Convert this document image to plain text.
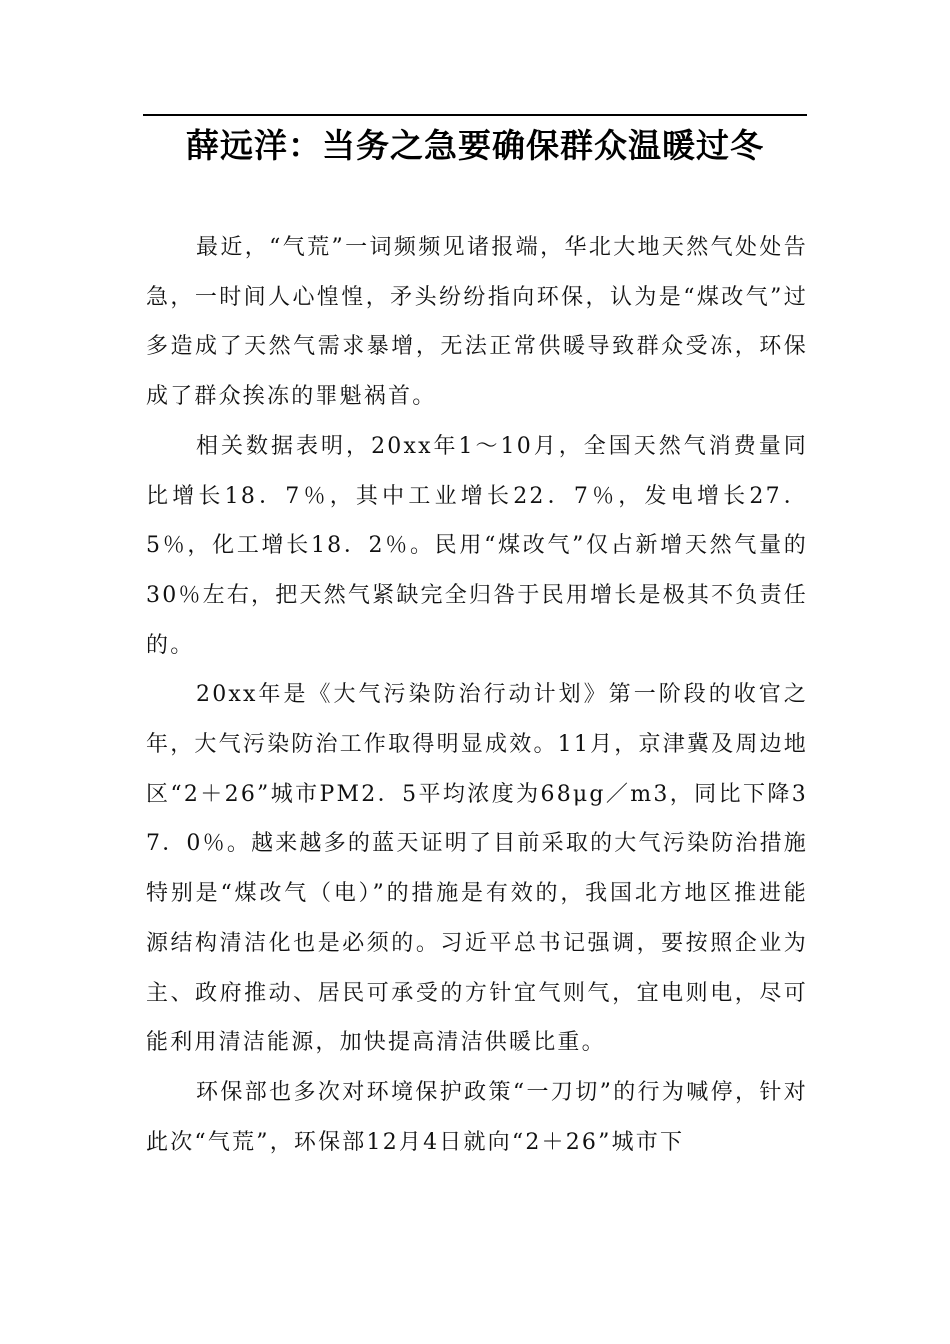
薛远洋：当务之急要确保群众温暖过冬

最近，“气荒”一词频频见诸报端，华北大地天然气处处告急，一时间人心惶惶，矛头纷纷指向环保，认为是“煤改气”过多造成了天然气需求暴增，无法正常供暖导致群众受冻，环保成了群众挨冻的罪魁祸首。

相关数据表明，20xx年1～10月，全国天然气消费量同比增长18．7％，其中工业增长22．7％，发电增长27．5％，化工增长18．2％。民用“煤改气”仅占新增天然气量的30％左右，把天然气紧缺完全归咎于民用增长是极其不负责任的。

20xx年是《大气污染防治行动计划》第一阶段的收官之年，大气污染防治工作取得明显成效。11月，京津冀及周边地区“2＋26”城市PM2．5平均浓度为68μg／m3，同比下降37．0％。越来越多的蓝天证明了目前采取的大气污染防治措施特别是“煤改气（电）”的措施是有效的，我国北方地区推进能源结构清洁化也是必须的。习近平总书记强调，要按照企业为主、政府推动、居民可承受的方针宜气则气，宜电则电，尽可能利用清洁能源，加快提高清洁供暖比重。

环保部也多次对环境保护政策“一刀切”的行为喊停，针对此次“气荒”，环保部12月4日就向“2＋26”城市下
